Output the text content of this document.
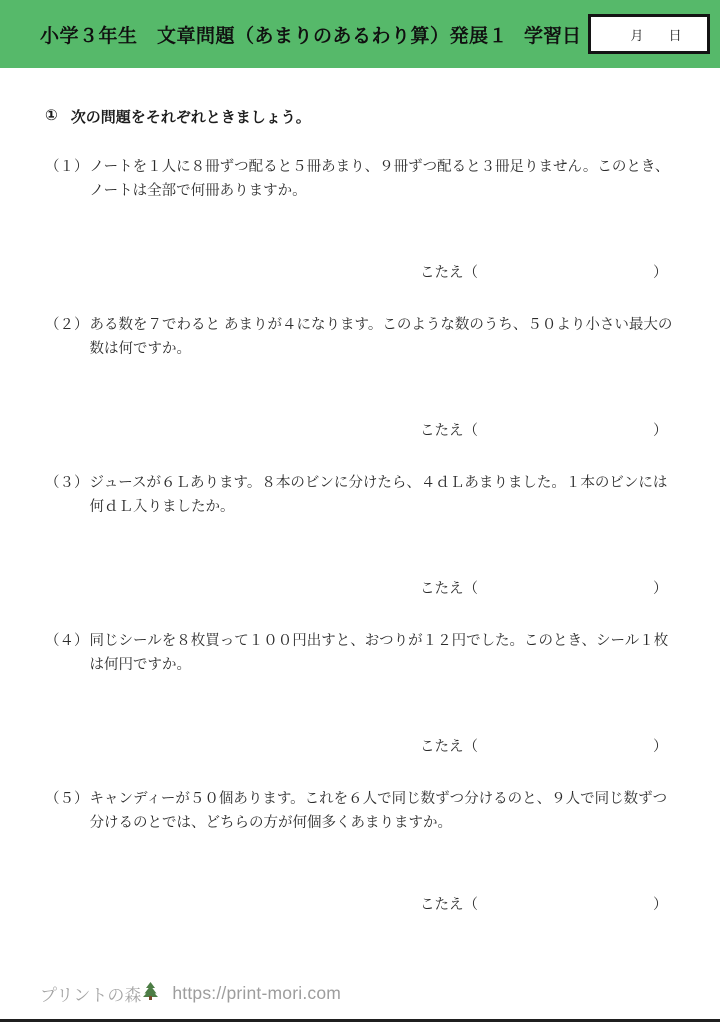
小学３年生　文章問題（あまりのあるわり算）発展１ 学習日	月 日
① 次の問題をそれぞれときましょう。
（１） ノートを１人に８冊ずつ配ると５冊あまり、９冊ずつ配ると３冊足りません。このとき、ノートは全部で何冊ありますか。
こたえ（	）
（２） ある数を７でわると あまりが４になります。このような数のうち、５０より小さい最大の数は何ですか。
こたえ（	）
（３） ジュースが６Ｌあります。８本のビンに分けたら、４ｄＬあまりました。１本のビンには何ｄＬ入りましたか。
こたえ（	）
（４） 同じシールを８枚買って１００円出すと、おつりが１２円でした。このとき、シール１枚は何円ですか。
こたえ（	）
（５） キャンディーが５０個あります。これを６人で同じ数ずつ分けるのと、９人で同じ数ずつ分けるのとでは、どちらの方が何個多くあまりますか。
こたえ（	）
プリントの森 https://print-mori.com
